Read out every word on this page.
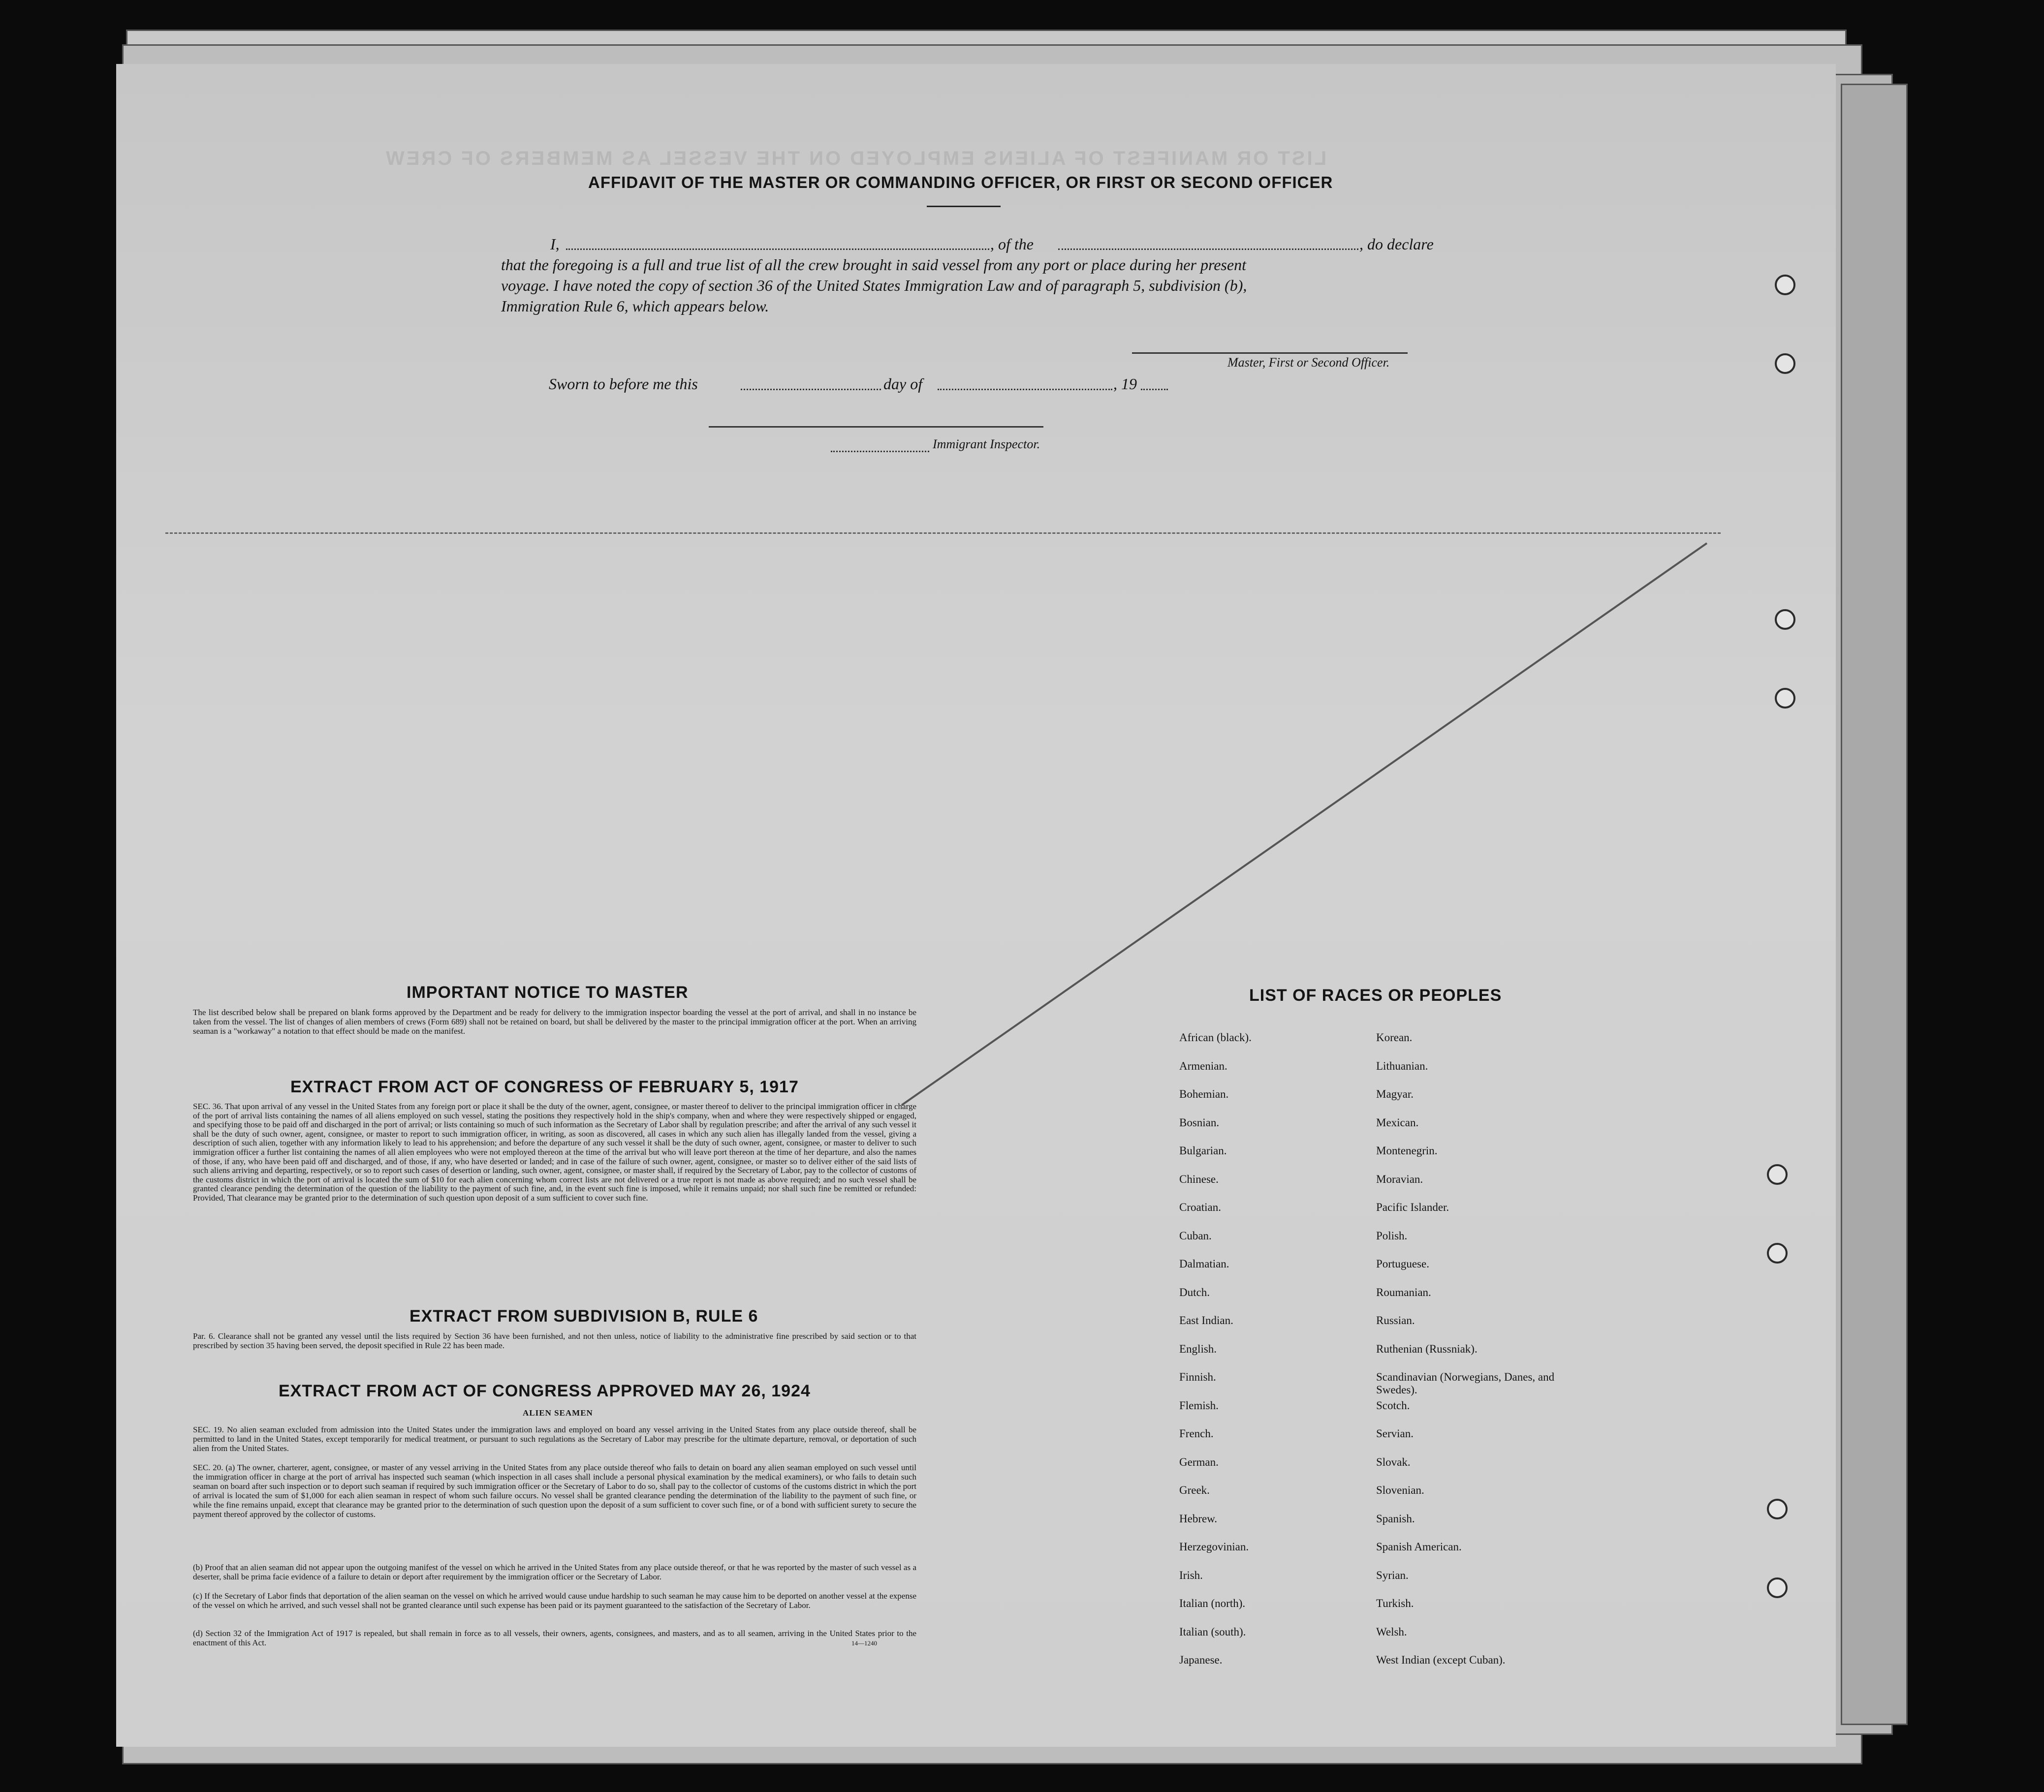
LIST OR MANIFEST OF ALIENS EMPLOYED ON THE VESSEL AS MEMBERS OF CREW
AFFIDAVIT OF THE MASTER OR COMMANDING OFFICER, OR FIRST OR SECOND OFFICER
I,	, of the	, do declare
that the foregoing is a full and true list of all the crew brought in said vessel from any port or place during her present
voyage. I have noted the copy of section 36 of the United States Immigration Law and of paragraph 5, subdivision (b),
Immigration Rule 6, which appears below.
Master, First or Second Officer.
Sworn to before me this	day of	, 19
Immigrant Inspector.
IMPORTANT NOTICE TO MASTER
The list described below shall be prepared on blank forms approved by the Department and be ready for delivery to the immigration inspector boarding the vessel at the port of arrival, and shall in no instance be taken from the vessel. The list of changes of alien members of crews (Form 689) shall not be retained on board, but shall be delivered by the master to the principal immigration officer at the port. When an arriving seaman is a "workaway" a notation to that effect should be made on the manifest.
EXTRACT FROM ACT OF CONGRESS OF FEBRUARY 5, 1917
SEC. 36. That upon arrival of any vessel in the United States from any foreign port or place it shall be the duty of the owner, agent, consignee, or master thereof to deliver to the principal immigration officer in charge of the port of arrival lists containing the names of all aliens employed on such vessel, stating the positions they respectively hold in the ship's company, when and where they were respectively shipped or engaged, and specifying those to be paid off and discharged in the port of arrival; or lists containing so much of such information as the Secretary of Labor shall by regulation prescribe; and after the arrival of any such vessel it shall be the duty of such owner, agent, consignee, or master to report to such immigration officer, in writing, as soon as discovered, all cases in which any such alien has illegally landed from the vessel, giving a description of such alien, together with any information likely to lead to his apprehension; and before the departure of any such vessel it shall be the duty of such owner, agent, consignee, or master to deliver to such immigration officer a further list containing the names of all alien employees who were not employed thereon at the time of the arrival but who will leave port thereon at the time of her departure, and also the names of those, if any, who have been paid off and discharged, and of those, if any, who have deserted or landed; and in case of the failure of such owner, agent, consignee, or master so to deliver either of the said lists of such aliens arriving and departing, respectively, or so to report such cases of desertion or landing, such owner, agent, consignee, or master shall, if required by the Secretary of Labor, pay to the collector of customs of the customs district in which the port of arrival is located the sum of $10 for each alien concerning whom correct lists are not delivered or a true report is not made as above required; and no such vessel shall be granted clearance pending the determination of the question of the liability to the payment of such fine, and, in the event such fine is imposed, while it remains unpaid; nor shall such fine be remitted or refunded: Provided, That clearance may be granted prior to the determination of such question upon deposit of a sum sufficient to cover such fine.
EXTRACT FROM SUBDIVISION B, RULE 6
Par. 6. Clearance shall not be granted any vessel until the lists required by Section 36 have been furnished, and not then unless, notice of liability to the administrative fine prescribed by said section or to that prescribed by section 35 having been served, the deposit specified in Rule 22 has been made.
EXTRACT FROM ACT OF CONGRESS APPROVED MAY 26, 1924
ALIEN SEAMEN
SEC. 19. No alien seaman excluded from admission into the United States under the immigration laws and employed on board any vessel arriving in the United States from any place outside thereof, shall be permitted to land in the United States, except temporarily for medical treatment, or pursuant to such regulations as the Secretary of Labor may prescribe for the ultimate departure, removal, or deportation of such alien from the United States.
SEC. 20. (a) The owner, charterer, agent, consignee, or master of any vessel arriving in the United States from any place outside thereof who fails to detain on board any alien seaman employed on such vessel until the immigration officer in charge at the port of arrival has inspected such seaman (which inspection in all cases shall include a personal physical examination by the medical examiners), or who fails to detain such seaman on board after such inspection or to deport such seaman if required by such immigration officer or the Secretary of Labor to do so, shall pay to the collector of customs of the customs district in which the port of arrival is located the sum of $1,000 for each alien seaman in respect of whom such failure occurs. No vessel shall be granted clearance pending the determination of the liability to the payment of such fine, or while the fine remains unpaid, except that clearance may be granted prior to the determination of such question upon the deposit of a sum sufficient to cover such fine, or of a bond with sufficient surety to secure the payment thereof approved by the collector of customs.
(b) Proof that an alien seaman did not appear upon the outgoing manifest of the vessel on which he arrived in the United States from any place outside thereof, or that he was reported by the master of such vessel as a deserter, shall be prima facie evidence of a failure to detain or deport after requirement by the immigration officer or the Secretary of Labor.
(c) If the Secretary of Labor finds that deportation of the alien seaman on the vessel on which he arrived would cause undue hardship to such seaman he may cause him to be deported on another vessel at the expense of the vessel on which he arrived, and such vessel shall not be granted clearance until such expense has been paid or its payment guaranteed to the satisfaction of the Secretary of Labor.
(d) Section 32 of the Immigration Act of 1917 is repealed, but shall remain in force as to all vessels, their owners, agents, consignees, and masters, and as to all seamen, arriving in the United States prior to the enactment of this Act.	14—1240
LIST OF RACES OR PEOPLES
African (black).
Armenian.
Bohemian.
Bosnian.
Bulgarian.
Chinese.
Croatian.
Cuban.
Dalmatian.
Dutch.
East Indian.
English.
Finnish.
Flemish.
French.
German.
Greek.
Hebrew.
Herzegovinian.
Irish.
Italian (north).
Italian (south).
Japanese.
Korean.
Lithuanian.
Magyar.
Mexican.
Montenegrin.
Moravian.
Pacific Islander.
Polish.
Portuguese.
Roumanian.
Russian.
Ruthenian (Russniak).
Scandinavian (Norwegians, Danes, and Swedes).
Scotch.
Servian.
Slovak.
Slovenian.
Spanish.
Spanish American.
Syrian.
Turkish.
Welsh.
West Indian (except Cuban).
